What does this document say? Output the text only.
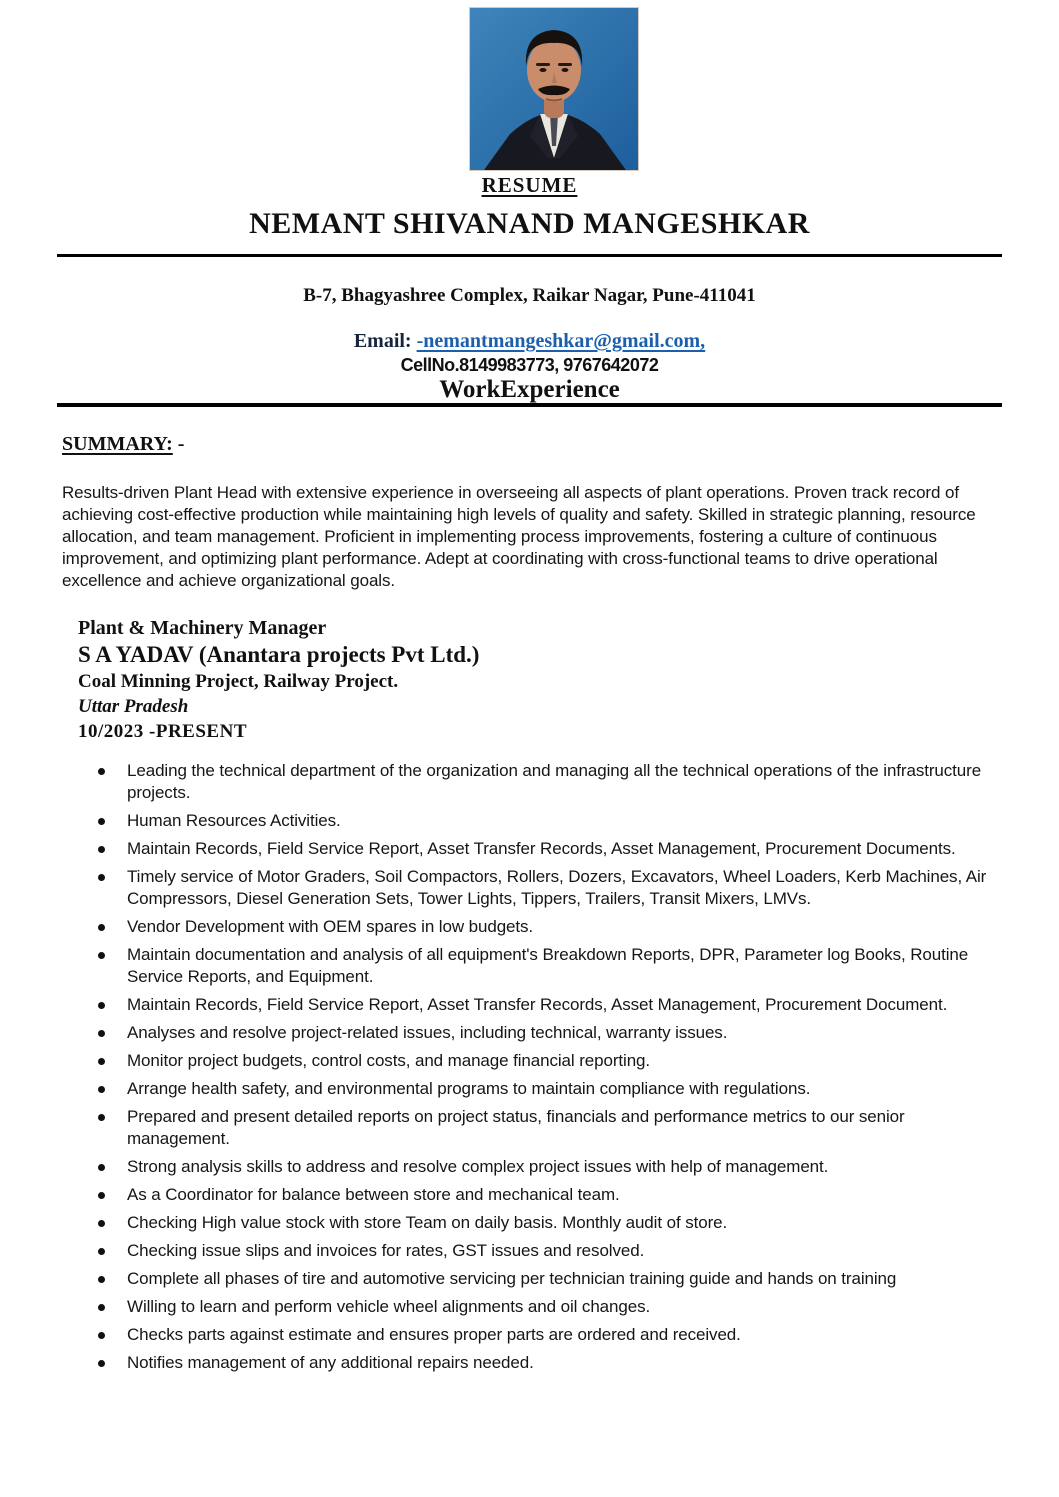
RESUME
NEMANT SHIVANAND MANGESHKAR
B-7, Bhagyashree Complex, Raikar Nagar, Pune-411041
Email: -nemantmangeshkar@gmail.com,
CellNo.8149983773, 9767642072
WorkExperience
SUMMARY: -
Results-driven Plant Head with extensive experience in overseeing all aspects of plant operations. Proven track record of achieving cost-effective production while maintaining high levels of quality and safety. Skilled in strategic planning, resource allocation, and team management. Proficient in implementing process improvements, fostering a culture of continuous improvement, and optimizing plant performance. Adept at coordinating with cross-functional teams to drive operational excellence and achieve organizational goals.
Plant & Machinery Manager
S A YADAV (Anantara projects Pvt Ltd.)
Coal Minning Project, Railway Project.
Uttar Pradesh
10/2023 -PRESENT
Leading the technical department of the organization and managing all the technical operations of the infrastructure projects.
Human Resources Activities.
Maintain Records, Field Service Report, Asset Transfer Records, Asset Management, Procurement Documents.
Timely service of Motor Graders, Soil Compactors, Rollers, Dozers, Excavators, Wheel Loaders, Kerb Machines, Air Compressors, Diesel Generation Sets, Tower Lights, Tippers, Trailers, Transit Mixers, LMVs.
Vendor Development with OEM spares in low budgets.
Maintain documentation and analysis of all equipment's Breakdown Reports, DPR, Parameter log Books, Routine Service Reports, and Equipment.
Maintain Records, Field Service Report, Asset Transfer Records, Asset Management, Procurement Document.
Analyses and resolve project-related issues, including technical, warranty issues.
Monitor project budgets, control costs, and manage financial reporting.
Arrange health safety, and environmental programs to maintain compliance with regulations.
Prepared and present detailed reports on project status, financials and performance metrics to our senior management.
Strong analysis skills to address and resolve complex project issues with help of management.
As a Coordinator for balance between store and mechanical team.
Checking High value stock with store Team on daily basis. Monthly audit of store.
Checking issue slips and invoices for rates, GST issues and resolved.
Complete all phases of tire and automotive servicing per technician training guide and hands on training
Willing to learn and perform vehicle wheel alignments and oil changes.
Checks parts against estimate and ensures proper parts are ordered and received.
Notifies management of any additional repairs needed.
